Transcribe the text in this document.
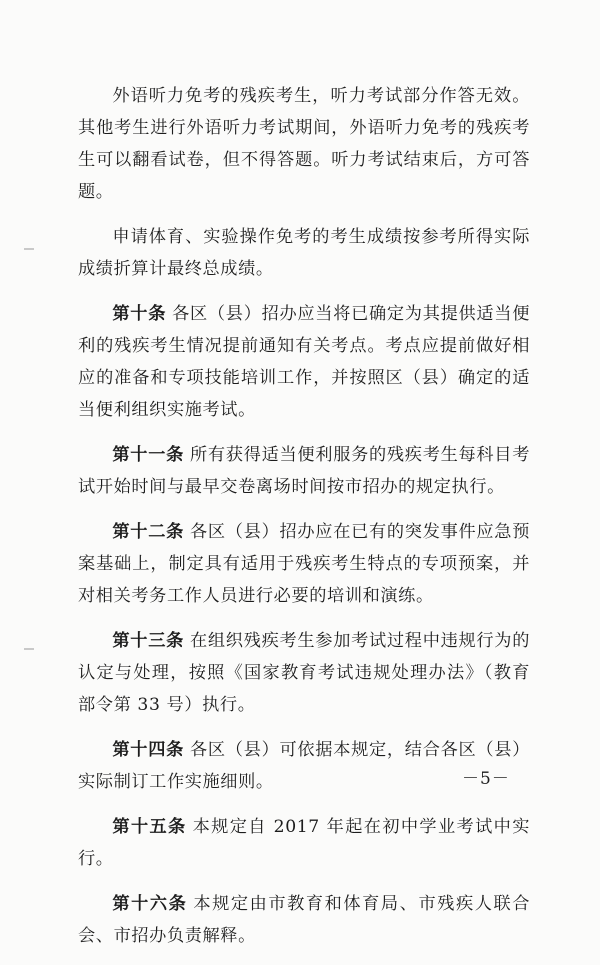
外语听力免考的残疾考生，听力考试部分作答无效。其他考生进行外语听力考试期间，外语听力免考的残疾考生可以翻看试卷，但不得答题。听力考试结束后，方可答题。

申请体育、实验操作免考的考生成绩按参考所得实际成绩折算计最终总成绩。

第十条 各区（县）招办应当将已确定为其提供适当便利的残疾考生情况提前通知有关考点。考点应提前做好相应的准备和专项技能培训工作，并按照区（县）确定的适当便利组织实施考试。

第十一条 所有获得适当便利服务的残疾考生每科目考试开始时间与最早交卷离场时间按市招办的规定执行。

第十二条 各区（县）招办应在已有的突发事件应急预案基础上，制定具有适用于残疾考生特点的专项预案，并对相关考务工作人员进行必要的培训和演练。

第十三条 在组织残疾考生参加考试过程中违规行为的认定与处理，按照《国家教育考试违规处理办法》（教育部令第 33 号）执行。

第十四条 各区（县）可依据本规定，结合各区（县）实际制订工作实施细则。

第十五条 本规定自 2017 年起在初中学业考试中实行。

第十六条 本规定由市教育和体育局、市残疾人联合会、市招办负责解释。

－5－
